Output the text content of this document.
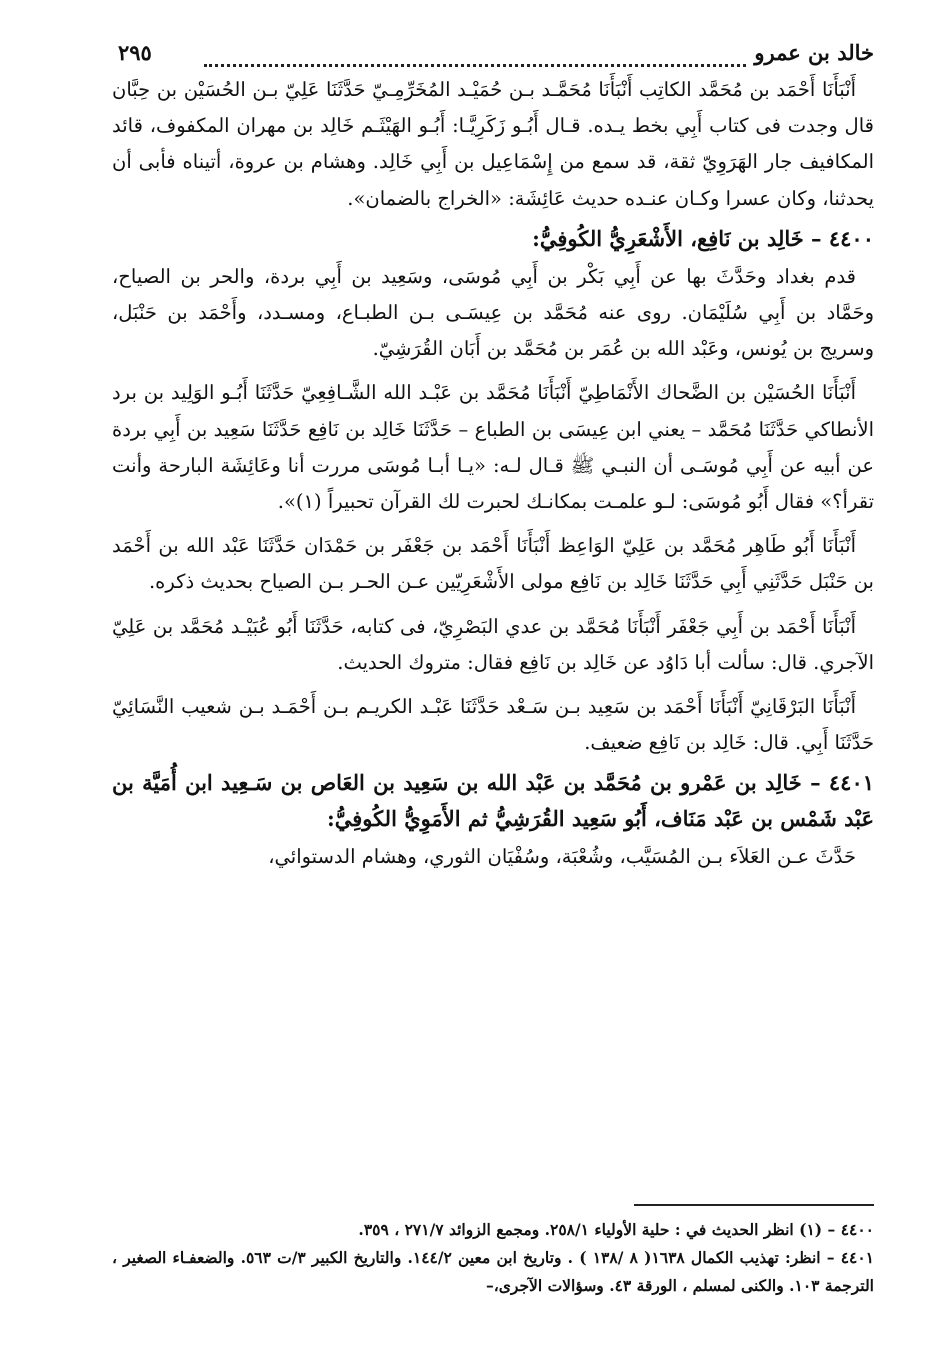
خالد بن عمرو
٢٩٥

أَنْبَأَنَا أَحْمَد بن مُحَمَّد الكاتِب أَنْبَأَنَا مُحَمَّـد بـن حُمَيْـد المُخَرِّمِـيّ حَدَّثَنَا عَلِيّ بـن الحُسَيْن بن حِبَّان قال وجدت فى كتاب أَبِي بخط يـده. قـال أَبُـو زَكَرِيَّـا: أَبُـو الهَيْثَـم خَالِد بن مهران المكفوف، قائد المكافيف جار الهَرَوِيّ ثقة، قد سمع من إِسْمَاعِيل بن أَبِي خَالِد. وهشام بن عروة، أتيناه فأبى أن يحدثنا، وكان عسرا وكـان عنـده حديث عَائِشَة: «الخراج بالضمان».

٤٤٠٠ – خَالِد بن نَافِع، الأَشْعَرِيُّ الكُوفِيُّ:

قدم بغداد وحَدَّثَ بها عن أَبِي بَكْر بن أَبِي مُوسَى، وسَعِيد بن أَبِي بردة، والحر بن الصياح، وحَمَّاد بن أَبِي سُلَيْمَان. روى عنه مُحَمَّد بن عِيسَـى بـن الطبـاع، ومسـدد، وأَحْمَد بن حَنْبَل، وسريج بن يُونس، وعَبْد الله بن عُمَر بن مُحَمَّد بن أَبَان القُرَشِيّ.

أَنْبَأَنَا الحُسَيْن بن الضَّحاك الأَنْمَاطِيّ أَنْبَأَنَا مُحَمَّد بن عَبْـد الله الشَّـافِعِيّ حَدَّثَنَا أَبُـو الوَلِيد بن برد الأنطاكي حَدَّثَنَا مُحَمَّد – يعني ابن عِيسَى بن الطباع – حَدَّثَنَا خَالِد بن نَافِع حَدَّثَنَا سَعِيد بن أَبِي بردة عن أبيه عن أَبِي مُوسَـى أن النبـي ﷺ قـال لـه: «يـا أبـا مُوسَى مررت أنا وعَائِشَة البارحة وأنت تقرأ؟» فقال أَبُو مُوسَى: لـو علمـت بمكانـك لحبرت لك القرآن تحبيراً (١)».

أَنْبَأَنَا أَبُو طَاهِر مُحَمَّد بن عَلِيّ الوَاعِظ أَنْبَأَنَا أَحْمَد بن جَعْفَر بن حَمْدَان حَدَّثَنَا عَبْد الله بن أَحْمَد بن حَنْبَل حَدَّثَنِي أَبِي حَدَّثَنَا خَالِد بن نَافِع مولى الأَشْعَرِيّين عـن الحـر بـن الصياح بحديث ذكره.

أَنْبَأَنَا أَحْمَد بن أَبِي جَعْفَر أَنْبَأَنَا مُحَمَّد بن عدي البَصْرِيّ، فى كتابه، حَدَّثَنَا أَبُو عُبَيْـد مُحَمَّد بن عَلِيّ الآجري. قال: سألت أبا دَاوُد عن خَالِد بن نَافِع فقال: متروك الحديث.

أَنْبَأَنَا البَرْقَانِيّ أَنْبَأَنَا أَحْمَد بن سَعِيد بـن سَـعْد حَدَّثَنَا عَبْـد الكريـم بـن أَحْمَـد بـن شعيب النَّسَائِيّ حَدَّثَنَا أَبِي. قال: خَالِد بن نَافِع ضعيف.

٤٤٠١ – خَالِد بن عَمْرو بن مُحَمَّد بن عَبْد الله بن سَعِيد بن العَاص بن سَـعِيد ابن أُمَيَّة بن عَبْد شَمْس بن عَبْد مَنَاف، أَبُو سَعِيد القُرَشِيُّ ثم الأَمَوِيُّ الكُوفِيُّ:

حَدَّثَ عـن العَلاَء بـن المُسَيَّب، وشُعْبَة، وسُفْيَان الثوري، وهشام الدستوائي،

٤٤٠٠ – (١) انظر الحديث في : حلية الأولياء ٢٥٨/١. ومجمع الزوائد ٢٧١/٧ ، ٣٥٩.

٤٤٠١ – انظر: تهذيب الكمال ١٦٣٨( ٨ /١٣٨ ) . وتاريخ ابن معين ١٤٤/٢. والتاريخ الكبير ٣/ت ٥٦٣. والضعفـاء الصغير ، الترجمة ١٠٣. والكنى لمسلم ، الورقة ٤٣. وسؤالات الآجرى،–
